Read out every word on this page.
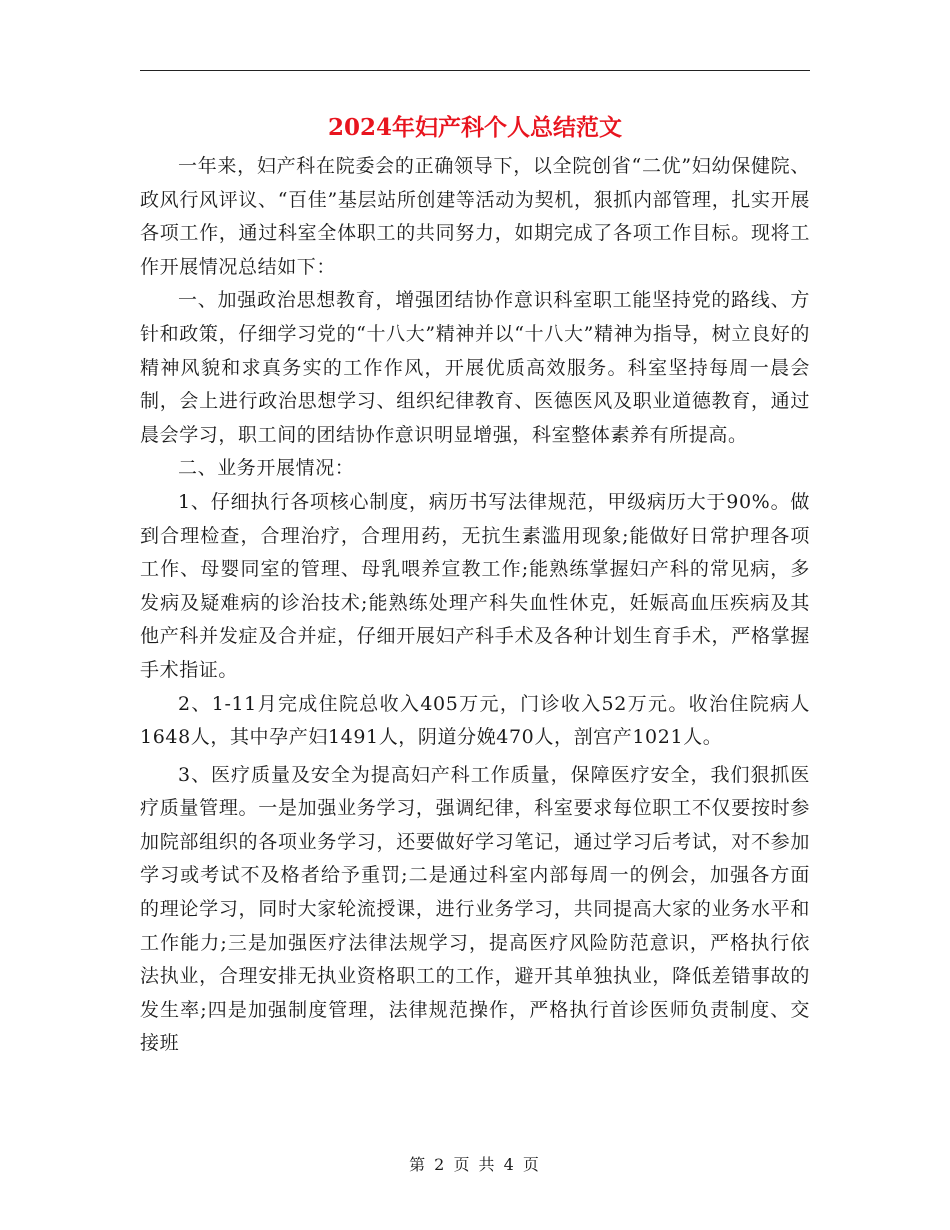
2024年妇产科个人总结范文

一年来，妇产科在院委会的正确领导下，以全院创省“二优”妇幼保健院、政风行风评议、“百佳”基层站所创建等活动为契机，狠抓内部管理，扎实开展各项工作，通过科室全体职工的共同努力，如期完成了各项工作目标。现将工作开展情况总结如下：

一、加强政治思想教育，增强团结协作意识科室职工能坚持党的路线、方针和政策，仔细学习党的“十八大”精神并以“十八大”精神为指导，树立良好的精神风貌和求真务实的工作作风，开展优质高效服务。科室坚持每周一晨会制，会上进行政治思想学习、组织纪律教育、医德医风及职业道德教育，通过晨会学习，职工间的团结协作意识明显增强，科室整体素养有所提高。

二、业务开展情况：

1、仔细执行各项核心制度，病历书写法律规范，甲级病历大于90%。做到合理检查，合理治疗，合理用药，无抗生素滥用现象;能做好日常护理各项工作、母婴同室的管理、母乳喂养宣教工作;能熟练掌握妇产科的常见病，多发病及疑难病的诊治技术;能熟练处理产科失血性休克，妊娠高血压疾病及其他产科并发症及合并症，仔细开展妇产科手术及各种计划生育手术，严格掌握手术指证。

2、1-11月完成住院总收入405万元，门诊收入52万元。收治住院病人1648人，其中孕产妇1491人，阴道分娩470人，剖宫产1021人。

3、医疗质量及安全为提高妇产科工作质量，保障医疗安全，我们狠抓医疗质量管理。一是加强业务学习，强调纪律，科室要求每位职工不仅要按时参加院部组织的各项业务学习，还要做好学习笔记，通过学习后考试，对不参加学习或考试不及格者给予重罚;二是通过科室内部每周一的例会，加强各方面的理论学习，同时大家轮流授课，进行业务学习，共同提高大家的业务水平和工作能力;三是加强医疗法律法规学习，提高医疗风险防范意识，严格执行依法执业，合理安排无执业资格职工的工作，避开其单独执业，降低差错事故的发生率;四是加强制度管理，法律规范操作，严格执行首诊医师负责制度、交接班

第 2 页 共 4 页
